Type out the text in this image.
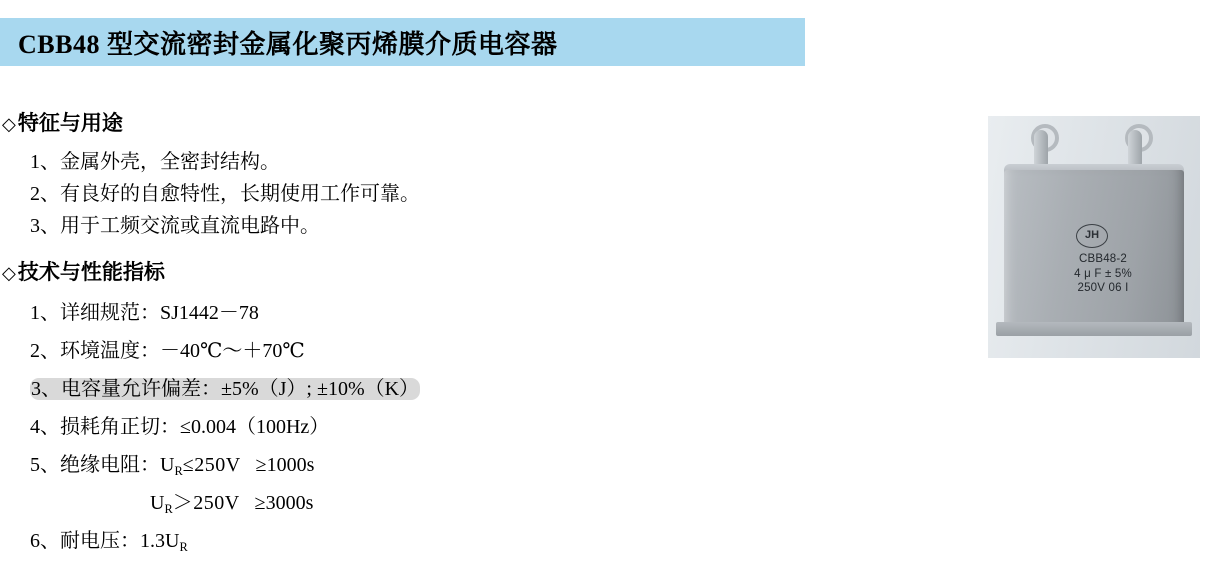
CBB48 型交流密封金属化聚丙烯膜介质电容器
◇特征与用途
1、金属外壳，全密封结构。
2、有良好的自愈特性，长期使用工作可靠。
3、用于工频交流或直流电路中。
◇技术与性能指标
1、详细规范：SJ1442－78
2、环境温度：－40℃～＋70℃
3、电容量允许偏差：±5%（J）; ±10%（K）
4、损耗角正切：≤0.004（100Hz）
5、绝缘电阻：$U_R\le 250V \ge 1000s$
$U_R>250V \ge 3000s$
6、耐电压：$1.3U_R$
JH
CBB48-2
4 μ F ± 5%
250V 06 I
